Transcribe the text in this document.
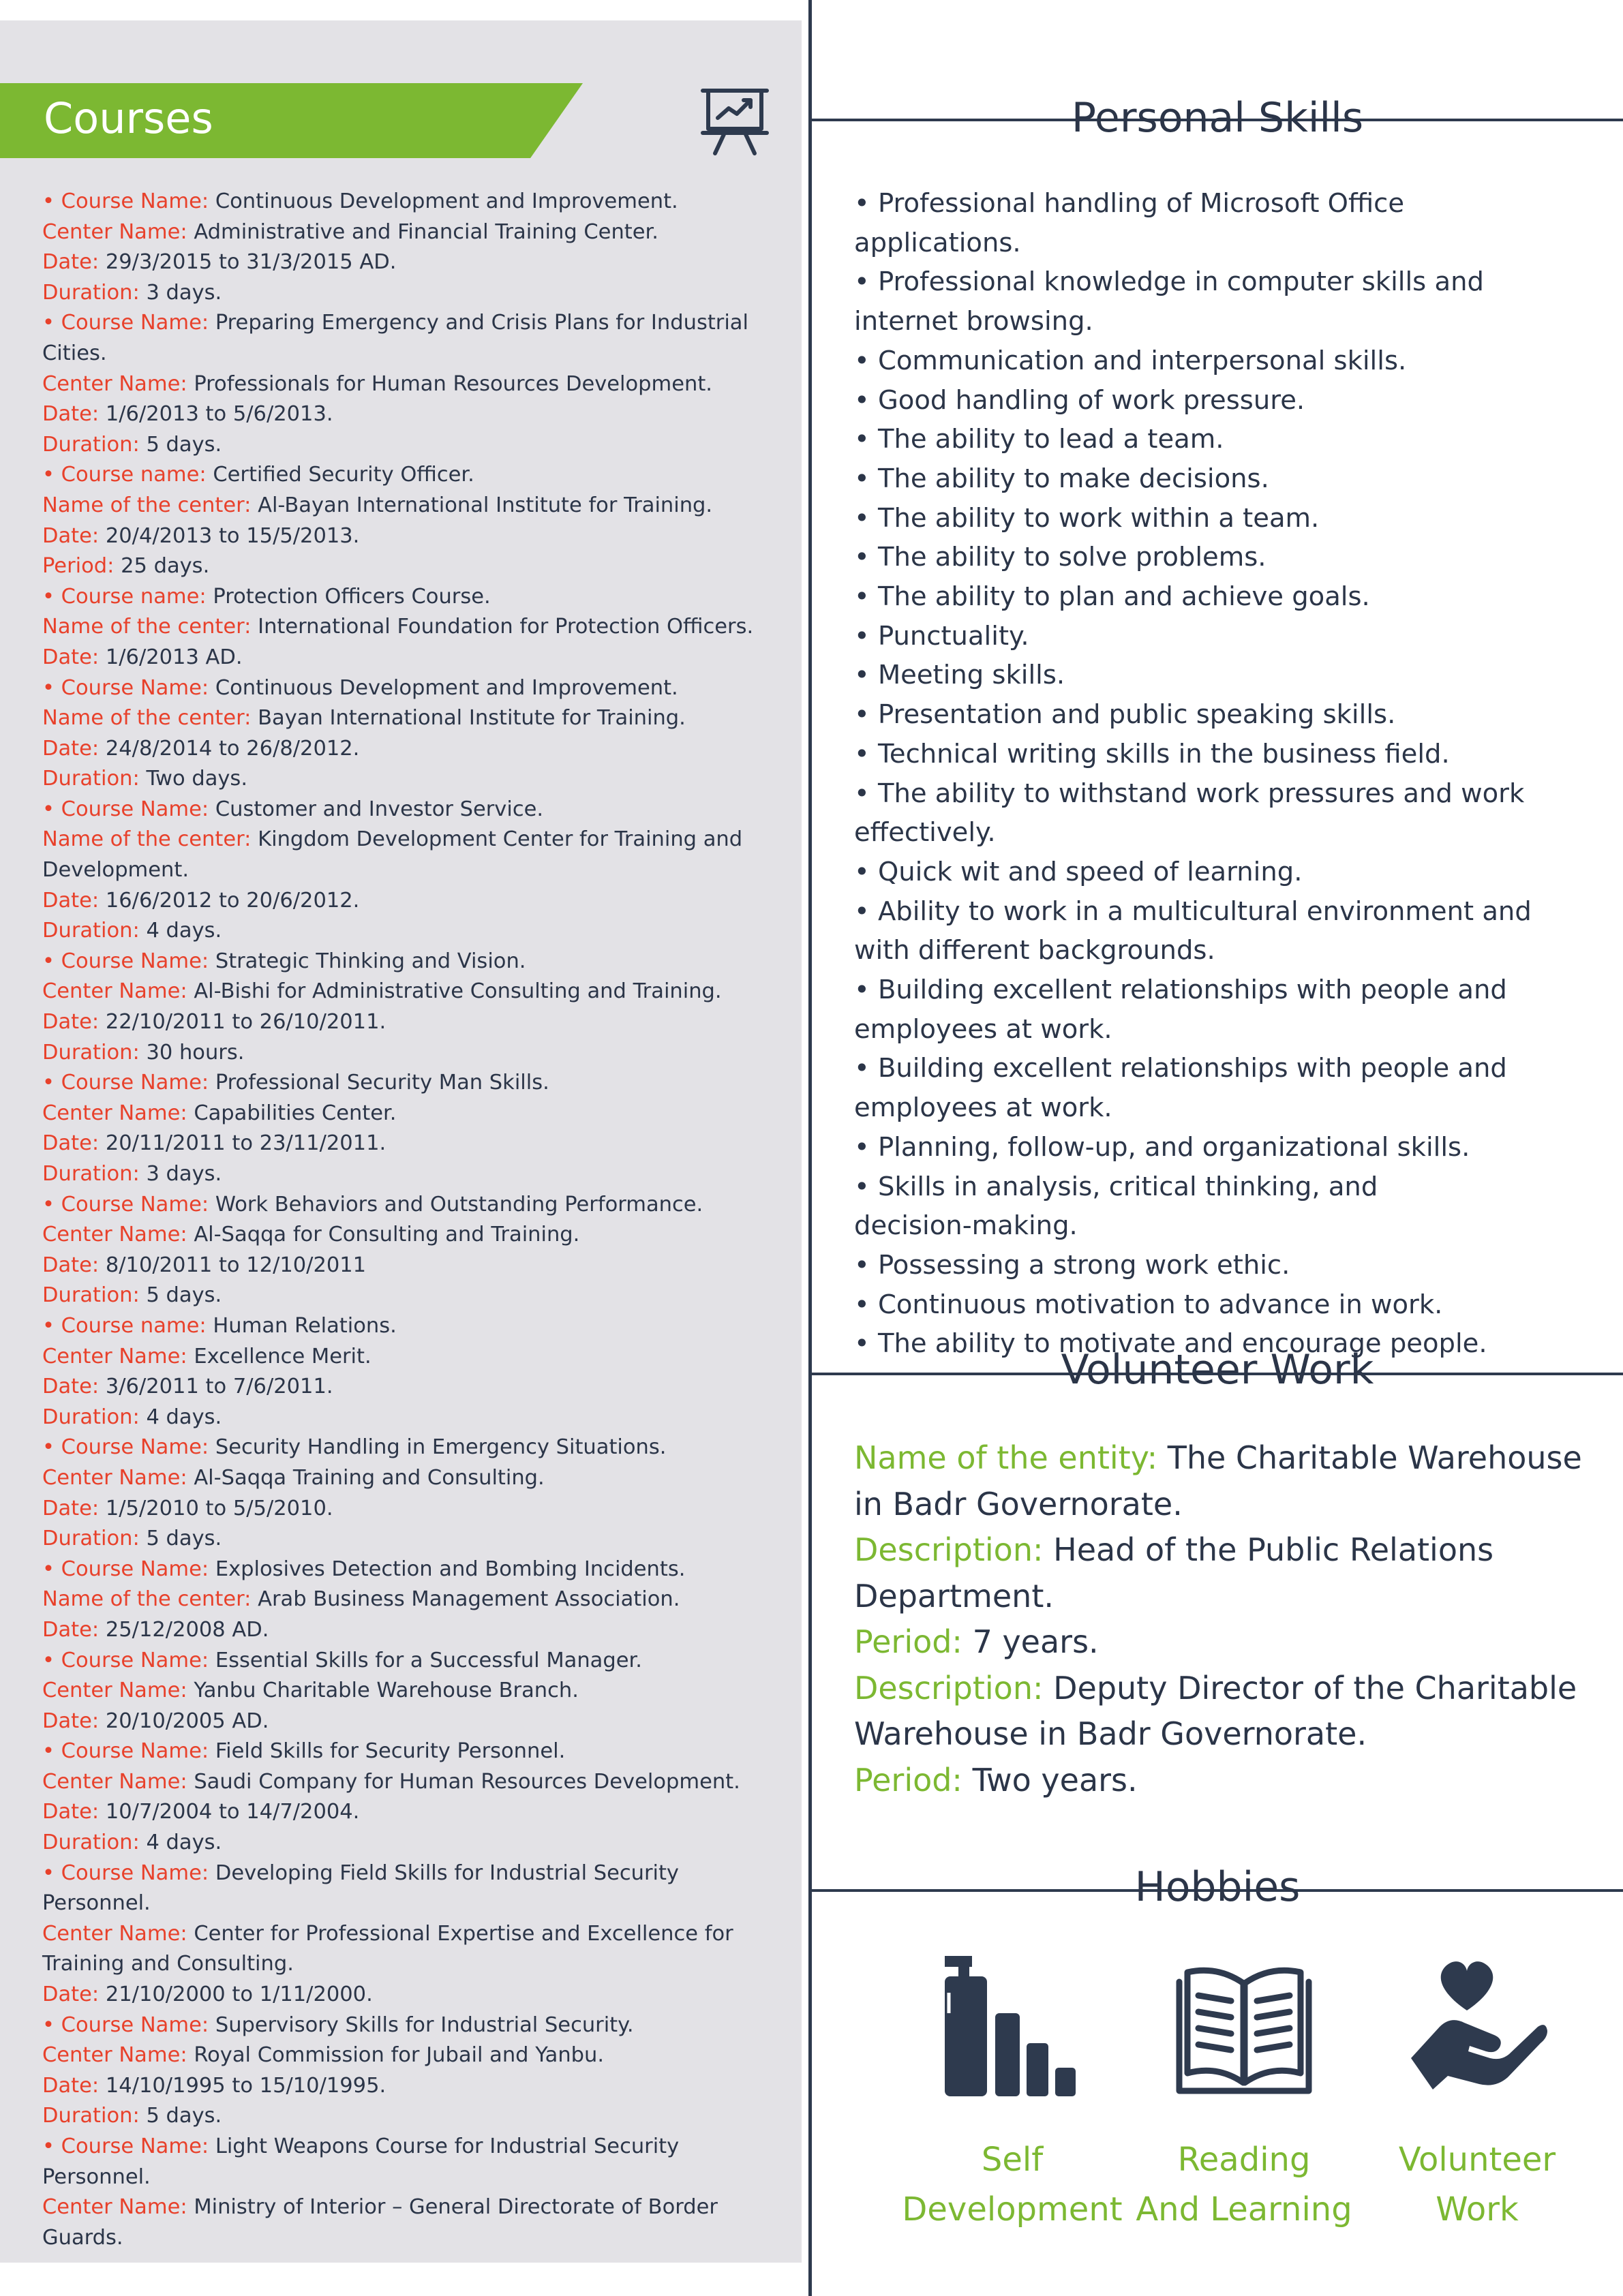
Courses
• Course Name: Continuous Development and Improvement.
Center Name: Administrative and Financial Training Center.
Date: 29/3/2015 to 31/3/2015 AD.
Duration: 3 days.
• Course Name: Preparing Emergency and Crisis Plans for Industrial
Cities.
Center Name: Professionals for Human Resources Development.
Date: 1/6/2013 to 5/6/2013.
Duration: 5 days.
• Course name: Certified Security Officer.
Name of the center: Al-Bayan International Institute for Training.
Date: 20/4/2013 to 15/5/2013.
Period: 25 days.
• Course name: Protection Officers Course.
Name of the center: International Foundation for Protection Officers.
Date: 1/6/2013 AD.
• Course Name: Continuous Development and Improvement.
Name of the center: Bayan International Institute for Training.
Date: 24/8/2014 to 26/8/2012.
Duration: Two days.
• Course Name: Customer and Investor Service.
Name of the center: Kingdom Development Center for Training and
Development.
Date: 16/6/2012 to 20/6/2012.
Duration: 4 days.
• Course Name: Strategic Thinking and Vision.
Center Name: Al-Bishi for Administrative Consulting and Training.
Date: 22/10/2011 to 26/10/2011.
Duration: 30 hours.
• Course Name: Professional Security Man Skills.
Center Name: Capabilities Center.
Date: 20/11/2011 to 23/11/2011.
Duration: 3 days.
• Course Name: Work Behaviors and Outstanding Performance.
Center Name: Al-Saqqa for Consulting and Training.
Date: 8/10/2011 to 12/10/2011
Duration: 5 days.
• Course name: Human Relations.
Center Name: Excellence Merit.
Date: 3/6/2011 to 7/6/2011.
Duration: 4 days.
• Course Name: Security Handling in Emergency Situations.
Center Name: Al-Saqqa Training and Consulting.
Date: 1/5/2010 to 5/5/2010.
Duration: 5 days.
• Course Name: Explosives Detection and Bombing Incidents.
Name of the center: Arab Business Management Association.
Date: 25/12/2008 AD.
• Course Name: Essential Skills for a Successful Manager.
Center Name: Yanbu Charitable Warehouse Branch.
Date: 20/10/2005 AD.
• Course Name: Field Skills for Security Personnel.
Center Name: Saudi Company for Human Resources Development.
Date: 10/7/2004 to 14/7/2004.
Duration: 4 days.
• Course Name: Developing Field Skills for Industrial Security
Personnel.
Center Name: Center for Professional Expertise and Excellence for
Training and Consulting.
Date: 21/10/2000 to 1/11/2000.
• Course Name: Supervisory Skills for Industrial Security.
Center Name: Royal Commission for Jubail and Yanbu.
Date: 14/10/1995 to 15/10/1995.
Duration: 5 days.
• Course Name: Light Weapons Course for Industrial Security
Personnel.
Center Name: Ministry of Interior – General Directorate of Border
Guards.
Personal Skills
• Professional handling of Microsoft Office
applications.
• Professional knowledge in computer skills and
internet browsing.
• Communication and interpersonal skills.
• Good handling of work pressure.
• The ability to lead a team.
• The ability to make decisions.
• The ability to work within a team.
• The ability to solve problems.
• The ability to plan and achieve goals.
• Punctuality.
• Meeting skills.
• Presentation and public speaking skills.
• Technical writing skills in the business field.
• The ability to withstand work pressures and work
effectively.
• Quick wit and speed of learning.
• Ability to work in a multicultural environment and
with different backgrounds.
• Building excellent relationships with people and
employees at work.
• Building excellent relationships with people and
employees at work.
• Planning, follow-up, and organizational skills.
• Skills in analysis, critical thinking, and
decision-making.
• Possessing a strong work ethic.
• Continuous motivation to advance in work.
• The ability to motivate and encourage people.
Volunteer Work
Name of the entity: The Charitable Warehouse
in Badr Governorate.
Description: Head of the Public Relations
Department.
Period: 7 years.
Description: Deputy Director of the Charitable
Warehouse in Badr Governorate.
Period: Two years.
Hobbies
Self
Development
Reading
And Learning
Volunteer
Work
